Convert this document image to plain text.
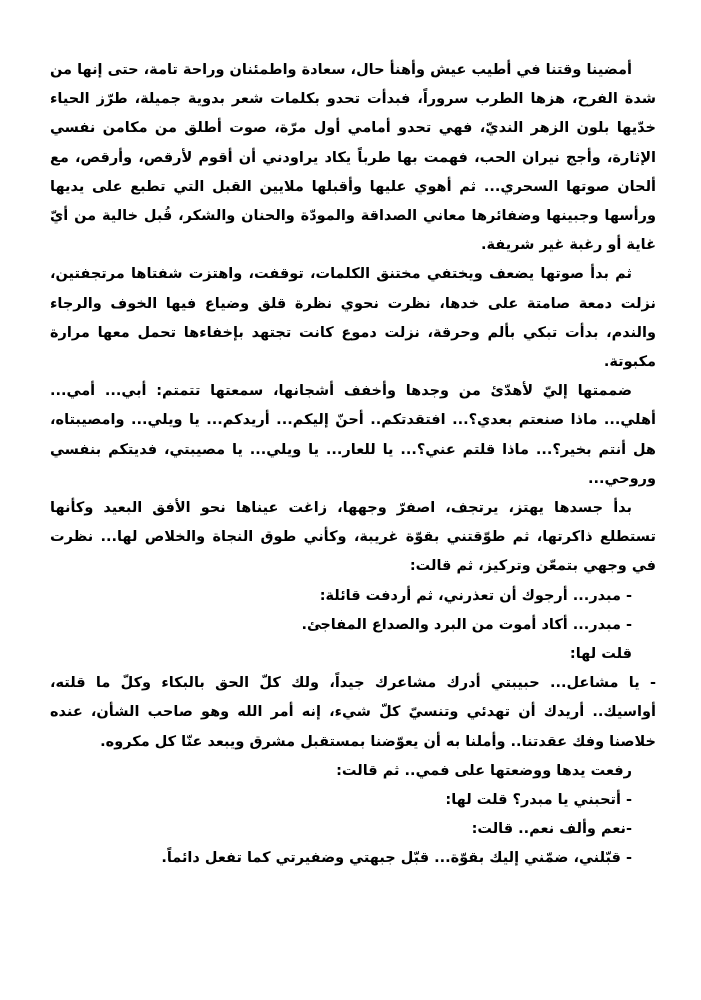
أمضينا وقتنا في أطيب عيش وأهنأ حال، سعادة واطمئنان وراحة تامة، حتى إنها من شدة الفرح، هزها الطرب سروراً، فبدأت تحدو بكلمات شعر بدوية جميلة، طرّز الحياء خدّيها بلون الزهر النديّ، فهي تحدو أمامي أول مرّة، صوت أطلق من مكامن نفسي الإثارة، وأجج نيران الحب، فهمت بها طرباً يكاد يراودني أن أقوم لأرقص، وأرقص، مع ألحان صوتها السحري... ثم أهوي عليها وأقبلها ملايين القبل التي تطبع على يديها ورأسها وجبينها وضفائرها معاني الصداقة والمودّة والحنان والشكر، قُبل خالية من أيّ غاية أو رغبة غير شريفة.

ثم بدأ صوتها يضعف ويختفي مختنق الكلمات، توقفت، واهتزت شفتاها مرتجفتين، نزلت دمعة صامتة على خدها، نظرت نحوي نظرة قلق وضياع فيها الخوف والرجاء والندم، بدأت تبكي بألم وحرقة، نزلت دموع كانت تجتهد بإخفاءها تحمل معها مرارة مكبوتة.

ضممتها إليّ لأهدّئ من وجدها وأخفف أشجانها، سمعتها تتمتم: أبي... أمي... أهلي... ماذا صنعتم بعدي؟... افتقدتكم.. أحنّ إليكم... أريدكم... يا ويلي... وامصيبتاه، هل أنتم بخير؟... ماذا قلتم عني؟... يا للعار... يا ويلي... يا مصيبتي، فديتكم بنفسي وروحي...

بدأ جسدها يهتز، يرتجف، اصفرّ وجهها، زاغت عيناها نحو الأفق البعيد وكأنها تستطلع ذاكرتها، ثم طوّقتني بقوّة غريبة، وكأني طوق النجاة والخلاص لها... نظرت في وجهي بتمعّن وتركيز، ثم قالت:

- مبدر... أرجوك أن تعذرني، ثم أردفت قائلة:

- مبدر... أكاد أموت من البرد والصداع المفاجئ.

قلت لها:

- يا مشاعل... حبيبتي أدرك مشاعرك جيداً، ولك كلّ الحق بالبكاء وكلّ ما قلته، أواسيك.. أريدك أن تهدئي وتنسيّ كلّ شيء، إنه أمر الله وهو صاحب الشأن، عنده خلاصنا وفك عقدتنا.. وأملنا به أن يعوّضنا بمستقبل مشرق ويبعد عنّا كل مكروه.

رفعت يدها ووضعتها على فمي.. ثم قالت:

- أتحبني يا مبدر؟ قلت لها:

-نعم وألف نعم.. قالت:

- قبّلني، ضمّني إليك بقوّة... قبّل جبهتي وضفيرتي كما تفعل دائماً.
